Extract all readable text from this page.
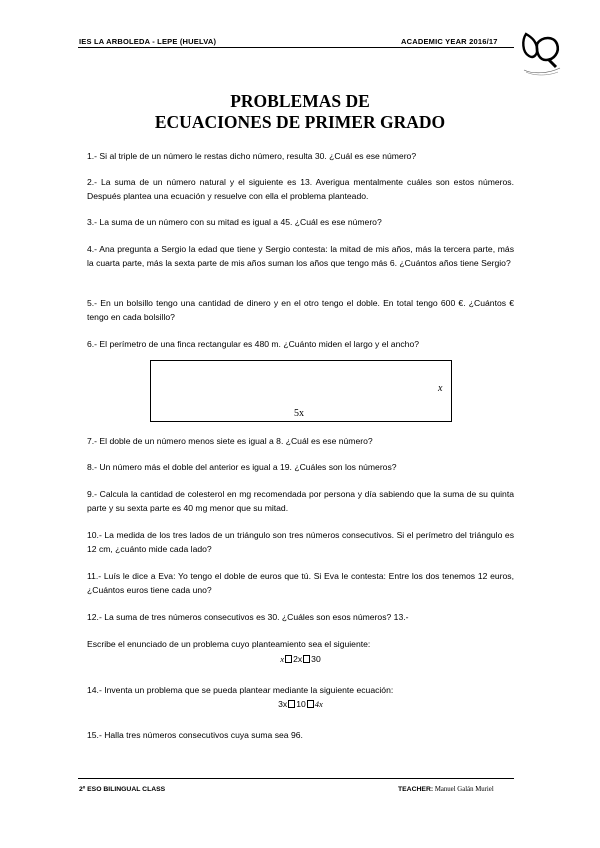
IES LA ARBOLEDA - LEPE (HUELVA)	ACADEMIC YEAR 2016/17
PROBLEMAS DE
ECUACIONES DE PRIMER GRADO
1.- Si al triple de un número le restas dicho número, resulta 30. ¿Cuál es ese número?
2.- La suma de un número natural y el siguiente es 13. Averigua mentalmente cuáles son estos números. Después plantea una ecuación y resuelve con ella el problema planteado.
3.- La suma de un número con su mitad es igual a 45. ¿Cuál es ese número?
4.- Ana pregunta a Sergio la edad que tiene y Sergio contesta: la mitad de mis años, más la tercera parte, más la cuarta parte, más la sexta parte de mis años suman los años que tengo más 6. ¿Cuántos años tiene Sergio?
5.- En un bolsillo tengo una cantidad de dinero y en el otro tengo el doble. En total tengo 600 €. ¿Cuántos € tengo en cada bolsillo?
6.- El perímetro de una finca rectangular es 480 m. ¿Cuánto miden el largo y el ancho?
x
5x
7.- El doble de un número menos siete es igual a 8. ¿Cuál es ese número?
8.- Un número más el doble del anterior es igual a 19. ¿Cuáles son los números?
9.- Calcula la cantidad de colesterol en mg recomendada por persona y día sabiendo que la suma de su quinta parte y su sexta parte es 40 mg menor que su mitad.
10.- La medida de los tres lados de un triángulo son tres números consecutivos. Si el perímetro del triángulo es 12 cm, ¿cuánto mide cada lado?
11.- Luís le dice a Eva: Yo tengo el doble de euros que tú. Si Eva le contesta: Entre los dos tenemos 12 euros, ¿Cuántos euros tiene cada uno?
12.- La suma de tres números consecutivos es 30. ¿Cuáles son esos números? 13.-
Escribe el enunciado de un problema cuyo planteamiento sea el siguiente:
x 2x 30
14.- Inventa un problema que se pueda plantear mediante la siguiente ecuación:
3x 10 4x
15.- Halla tres números consecutivos cuya suma sea 96.
2º ESO BILINGUAL CLASS	TEACHER: Manuel Galán Muriel
